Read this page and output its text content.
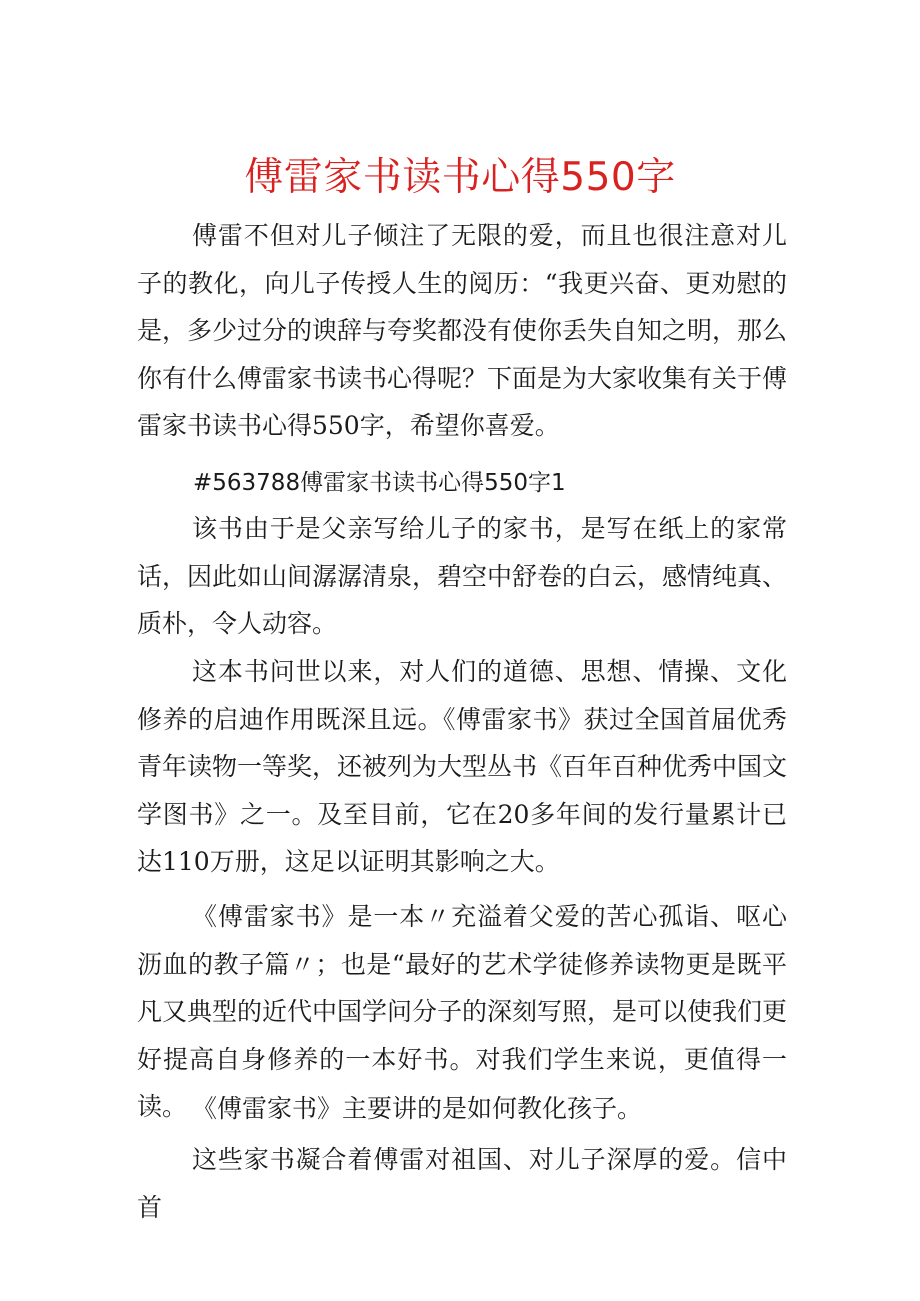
傅雷家书读书心得550字

傅雷不但对儿子倾注了无限的爱，而且也很注意对儿子的教化，向儿子传授人生的阅历：“我更兴奋、更劝慰的是，多少过分的谀辞与夸奖都没有使你丢失自知之明，那么你有什么傅雷家书读书心得呢？下面是为大家收集有关于傅雷家书读书心得550字，希望你喜爱。

#563788傅雷家书读书心得550字1

该书由于是父亲写给儿子的家书，是写在纸上的家常话，因此如山间潺潺清泉，碧空中舒卷的白云，感情纯真、质朴，令人动容。

这本书问世以来，对人们的道德、思想、情操、文化修养的启迪作用既深且远。《傅雷家书》获过全国首届优秀青年读物一等奖，还被列为大型丛书《百年百种优秀中国文学图书》之一。及至目前，它在20多年间的发行量累计已达110万册，这足以证明其影响之大。

《傅雷家书》是一本〃充溢着父爱的苦心孤诣、呕心沥血的教子篇〃；也是“最好的艺术学徒修养读物更是既平凡又典型的近代中国学问分子的深刻写照，是可以使我们更好提高自身修养的一本好书。对我们学生来说，更值得一读。 《傅雷家书》主要讲的是如何教化孩子。

这些家书凝合着傅雷对祖国、对儿子深厚的爱。信中首
